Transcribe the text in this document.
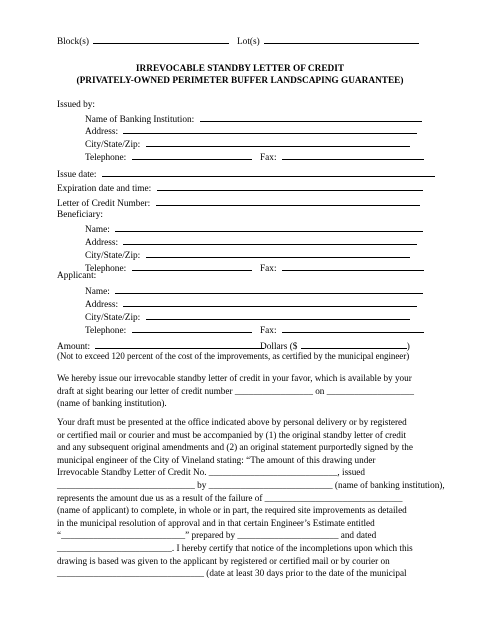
Block(s)	Lot(s)
IRREVOCABLE STANDBY LETTER OF CREDIT
(PRIVATELY-OWNED PERIMETER BUFFER LANDSCAPING GUARANTEE)
Issued by:
Name of Banking Institution:
Address:
City/State/Zip:
Telephone:	Fax:
Issue date:
Expiration date and time:
Letter of Credit Number:
Beneficiary:
Name:
Address:
City/State/Zip:
Telephone:	Fax:
Applicant:
Name:
Address:
City/State/Zip:
Telephone:	Fax:
Amount:	Dollars ($	)
(Not to exceed 120 percent of the cost of the improvements, as certified by the municipal engineer)
We hereby issue our irrevocable standby letter of credit in your favor, which is available by your
draft at sight bearing our letter of credit number _________________ on ___________________
(name of banking institution).
Your draft must be presented at the office indicated above by personal delivery or by registered
or certified mail or courier and must be accompanied by (1) the original standby letter of credit
and any subsequent original amendments and (2) an original statement purportedly signed by the
municipal engineer of the City of Vineland stating: “The amount of this drawing under
Irrevocable Standby Letter of Credit No. ____________________________, issued
______________________________ by ___________________________ (name of banking institution),
represents the amount due us as a result of the failure of ______________________________
(name of applicant) to complete, in whole or in part, the required site improvements as detailed
in the municipal resolution of approval and in that certain Engineer’s Estimate entitled
“___________________________” prepared by ______________________ and dated
_________________________. I hereby certify that notice of the incompletions upon which this
drawing is based was given to the applicant by registered or certified mail or by courier on
________________________________ (date at least 30 days prior to the date of the municipal
